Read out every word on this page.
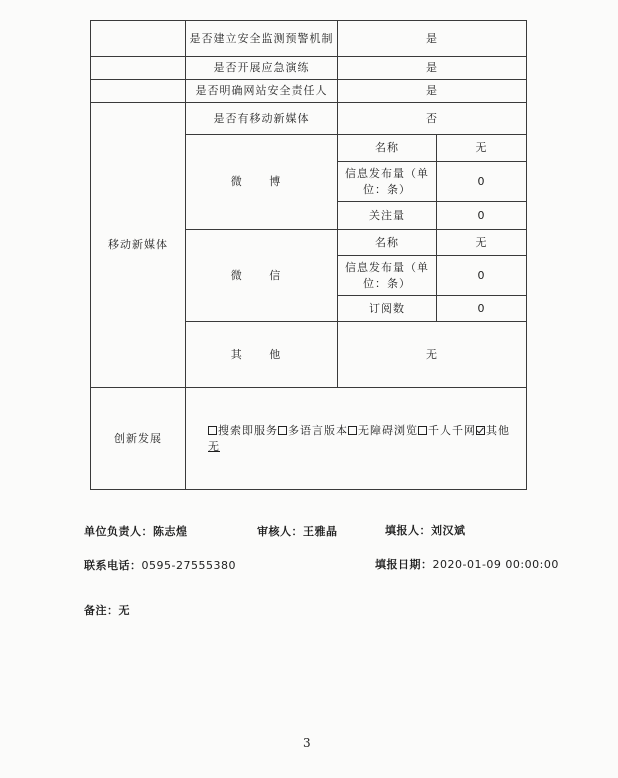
	是否建立安全监测预警机制	是	
	是否开展应急演练	是	
	是否明确网站安全责任人	是	
移动新媒体	是否有移动新媒体	否	
	微 博	名称	无
		信息发布量（单位：条）	0
		关注量	0
	微 信	名称	无
		信息发布量（单位：条）	0
		订阅数	0
	其 他	无	
创新发展	搜索即服务 多语言版本 无障碍浏览 千人千网 其他
无		
单位负责人：陈志煌	审核人：王雅晶	填报人：刘汉斌
联系电话：0595-27555380	填报日期：2020-01-09 00:00:00
备注：无
3
